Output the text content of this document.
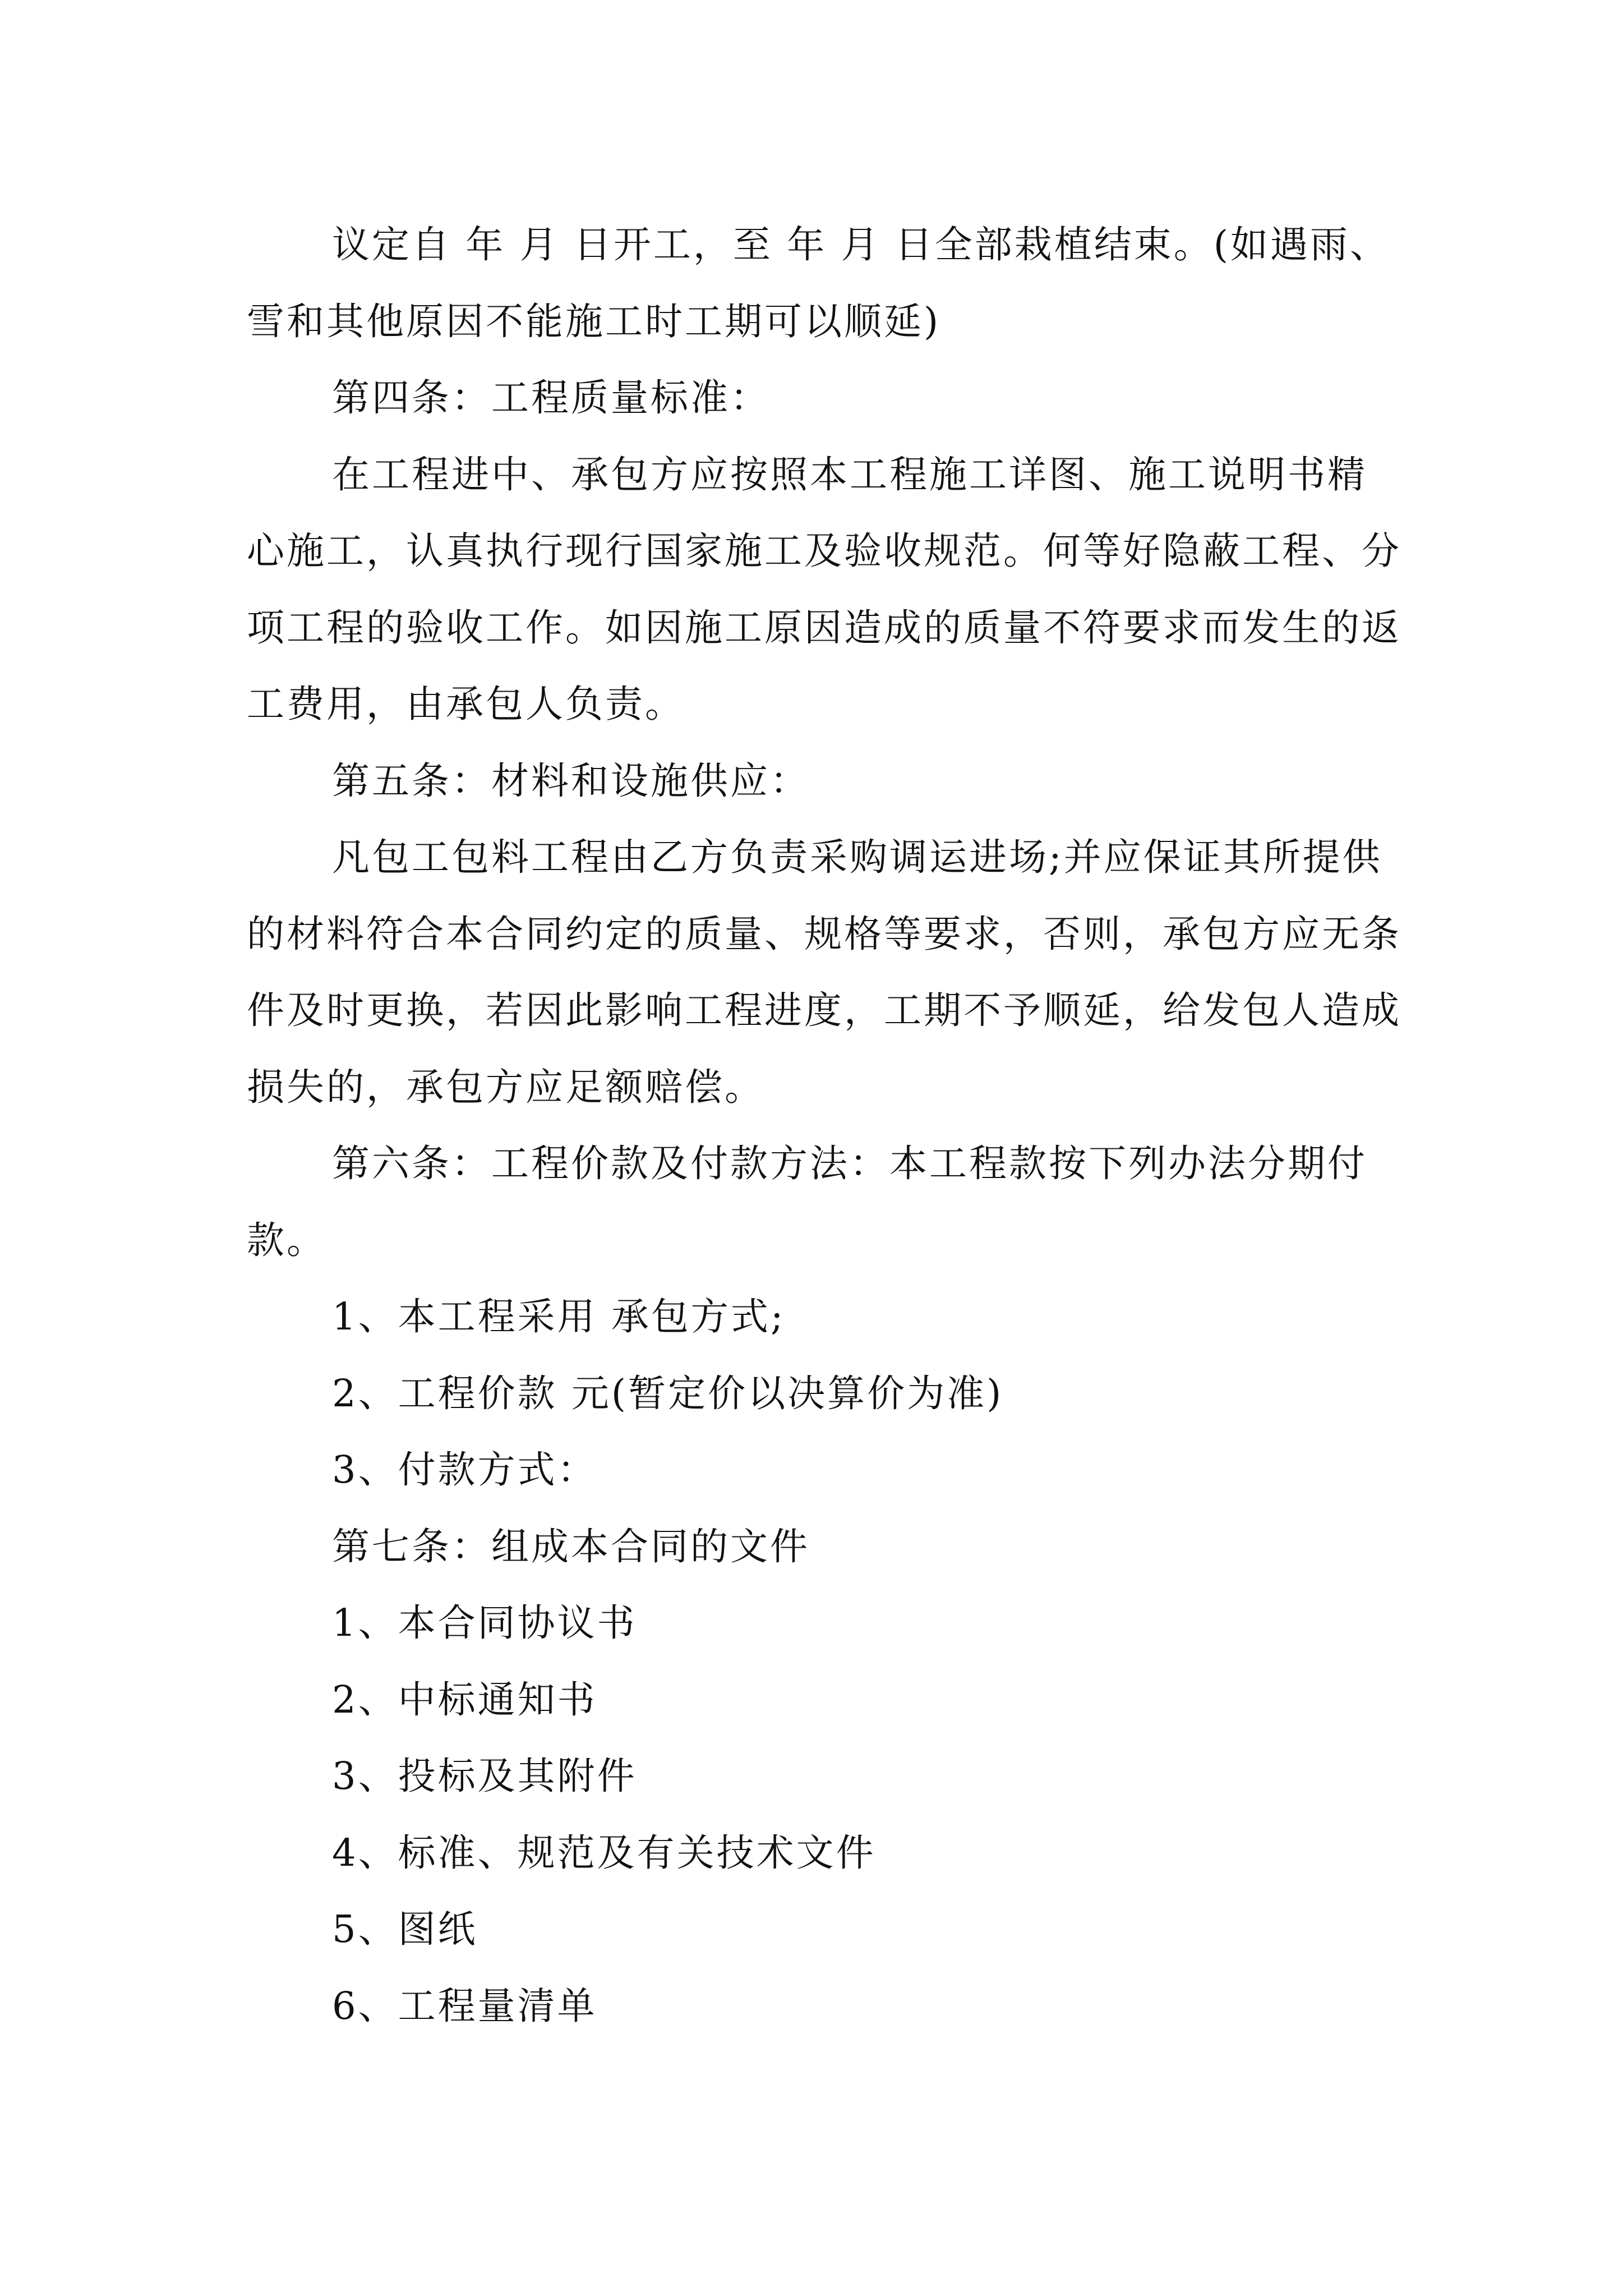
议定自 年 月 日开工，至 年 月 日全部栽植结束。(如遇雨、雪和其他原因不能施工时工期可以顺延)

第四条：工程质量标准：

在工程进中、承包方应按照本工程施工详图、施工说明书精心施工，认真执行现行国家施工及验收规范。何等好隐蔽工程、分项工程的验收工作。如因施工原因造成的质量不符要求而发生的返工费用，由承包人负责。

第五条：材料和设施供应：

凡包工包料工程由乙方负责采购调运进场;并应保证其所提供的材料符合本合同约定的质量、规格等要求，否则，承包方应无条件及时更换，若因此影响工程进度，工期不予顺延，给发包人造成损失的，承包方应足额赔偿。

第六条：工程价款及付款方法：本工程款按下列办法分期付款。

1、本工程采用 承包方式;

2、工程价款 元(暂定价以决算价为准)

3、付款方式：

第七条：组成本合同的文件

1、本合同协议书

2、中标通知书

3、投标及其附件

4、标准、规范及有关技术文件

5、图纸

6、工程量清单
